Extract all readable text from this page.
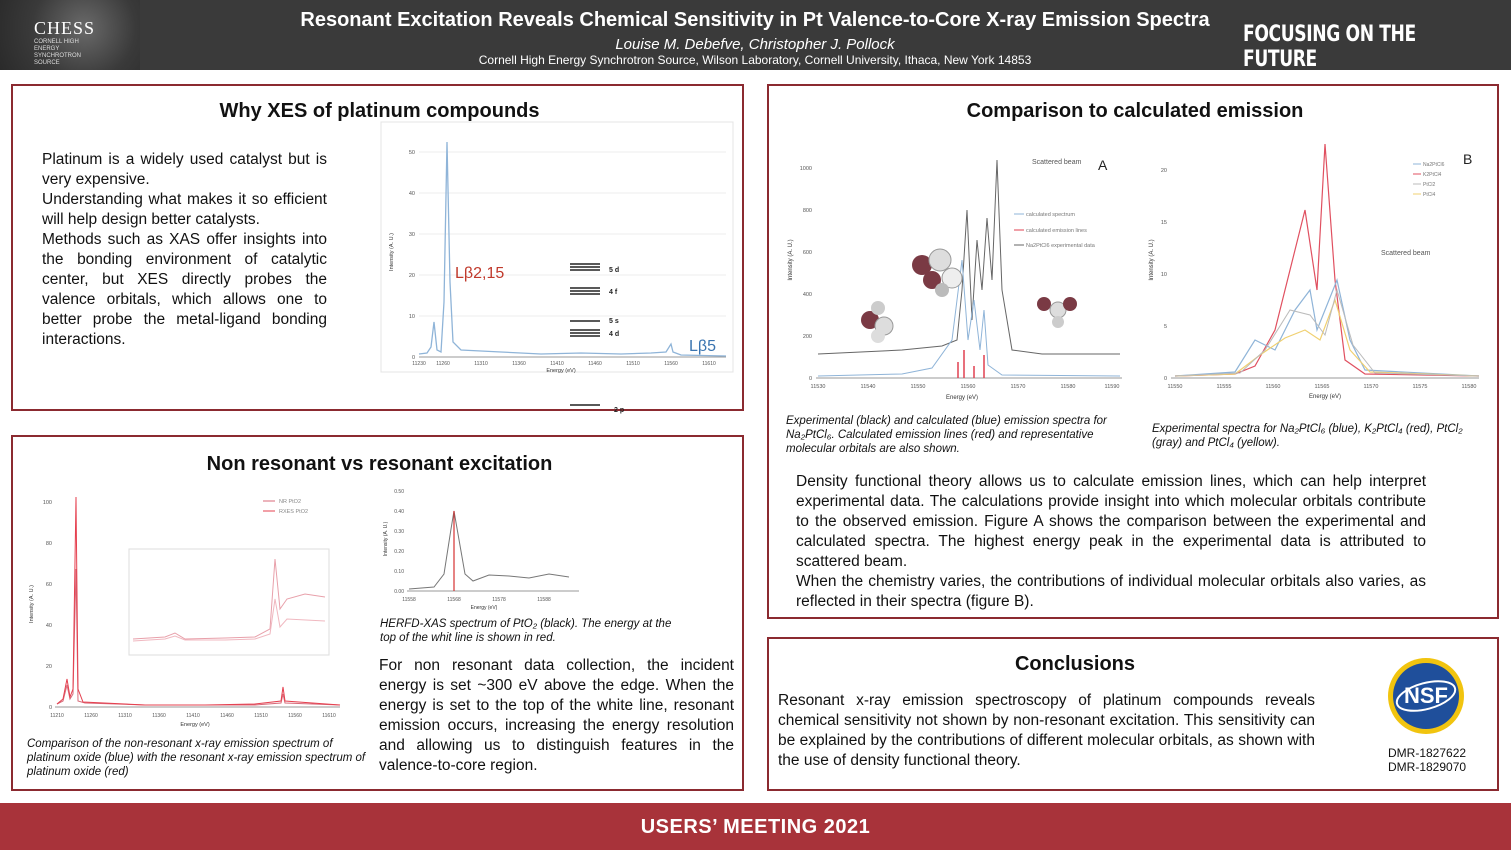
CHESS
CORNELL HIGH ENERGY SYNCHROTRON SOURCE
Resonant Excitation Reveals Chemical Sensitivity in Pt Valence-to-Core X-ray Emission Spectra
Louise M. Debefve, Christopher J. Pollock
Cornell High Energy Synchrotron Source, Wilson Laboratory, Cornell University, Ithaca, New York 14853
FOCUSING ON THE FUTURE
Why XES of platinum compounds
Platinum is a widely used catalyst but is very expensive.
Understanding what makes it so efficient will help design better catalysts.
Methods such as XAS offer insights into the bonding environment of catalytic center, but XES directly probes the valence orbitals, which allows one to better probe the metal-ligand bonding interactions.
0
10
20
30
40
50
11230 11260	11310	11360	11410	11460	11510	11560	11610
Energy (eV)
Intensity (A. U.)
Lβ2,15
Lβ5
5 d
4 f
5 s
4 d
2 p
Non resonant vs resonant excitation
0
20
40
60
80
100
11210	11260	11310	11360	11410	11460	11510	11560	11610
Energy (eV)
Intensity (A. U.)
NR PtO2
RXES PtO2
Comparison of the non-resonant x-ray emission spectrum of platinum oxide (blue) with the resonant x-ray emission spectrum of platinum oxide (red)
0.00
0.10
0.20
0.30
0.40
0.50
11558	11568	11578	11588
Energy (eV)
Intensity (A. U.)
HERFD-XAS spectrum of PtO₂ (black). The energy at the top of the whit line is shown in red.
For non resonant data collection, the incident energy is set ~300 eV above the edge. When the energy is set to the top of the white line, resonant emission occurs, increasing the energy resolution and allowing us to distinguish features in the valence-to-core region.
Comparison to calculated emission
0
200
400
600
800
1000
11530	11540	11550	11560	11570	11580	11590
Energy (eV)
Intensity (A. U.)
calculated spectrum
calculated emission lines
Na2PtCl6 experimental data
Scattered beam A
Experimental (black) and calculated (blue) emission spectra for Na₂PtCl₆. Calculated emission lines (red) and representative molecular orbitals are also shown.
0
5
10
15
20
11550	11555	11560	11565	11570	11575	11580
Energy (eV)
Intensity (A. U.)
Na2PtCl6
K2PtCl4
PtCl2
PtCl4
Scattered beam
B
Experimental spectra for Na₂PtCl₆ (blue), K₂PtCl₄ (red), PtCl₂ (gray) and PtCl₄ (yellow).
Density functional theory allows us to calculate emission lines, which can help interpret experimental data. The calculations provide insight into which molecular orbitals contribute to the observed emission. Figure A shows the comparison between the experimental and calculated spectra. The highest energy peak in the experimental data is attributed to scattered beam.
When the chemistry varies, the contributions of individual molecular orbitals also varies, as reflected in their spectra (figure B).
Conclusions
Resonant x-ray emission spectroscopy of platinum compounds reveals chemical sensitivity not shown by non-resonant excitation. This sensitivity can be explained by the contributions of different molecular orbitals, as shown with the use of density functional theory.
NSF
DMR-1827622
DMR-1829070
USERS’ MEETING 2021
